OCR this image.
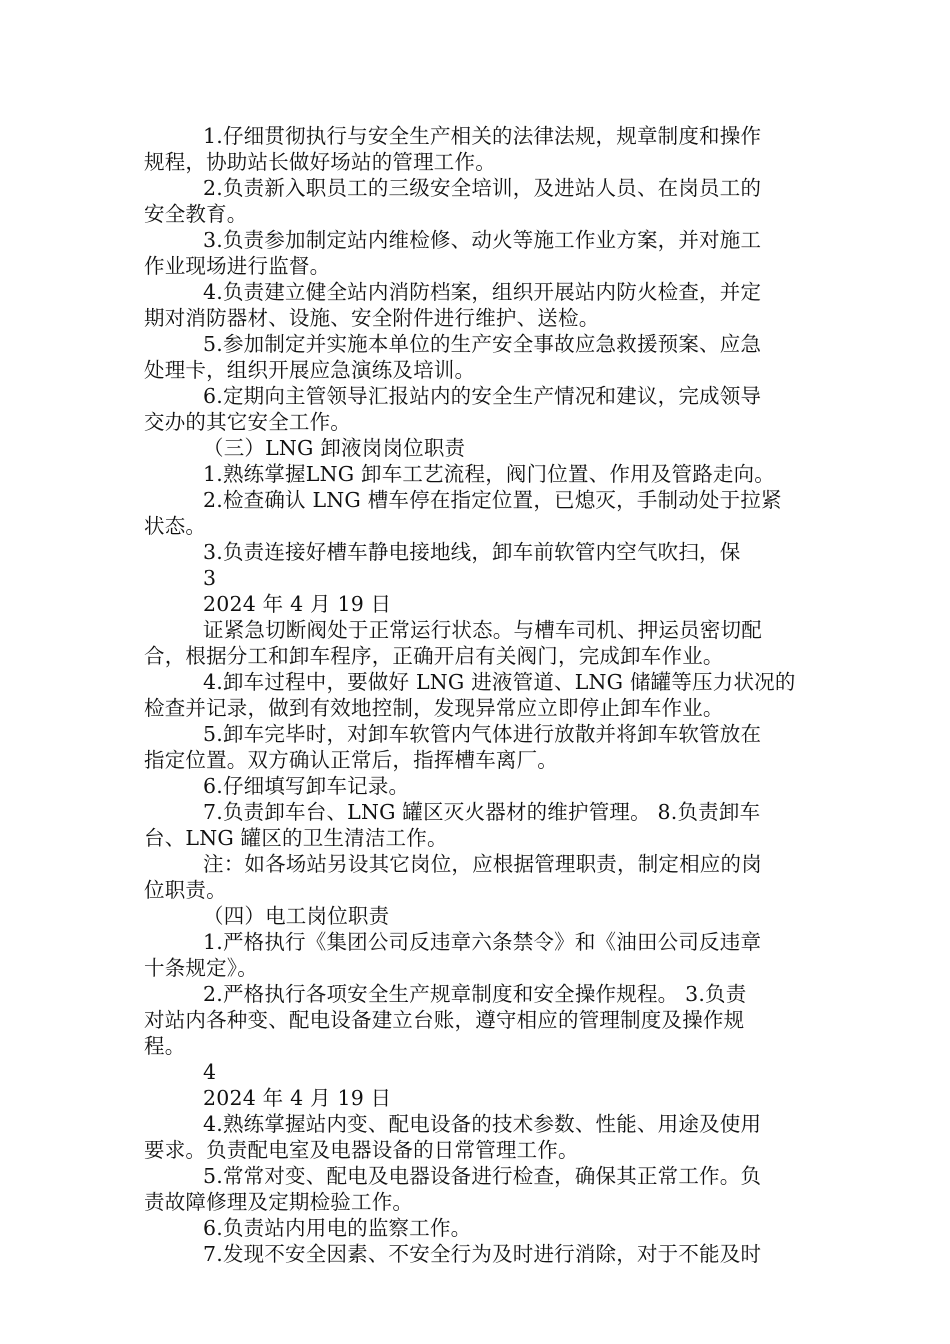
1.仔细贯彻执行与安全生产相关的法律法规，规章制度和操作
规程，协助站长做好场站的管理工作。
2.负责新入职员工的三级安全培训，及进站人员、在岗员工的
安全教育。
3.负责参加制定站内维检修、动火等施工作业方案，并对施工
作业现场进行监督。
4.负责建立健全站内消防档案，组织开展站内防火检查，并定
期对消防器材、设施、安全附件进行维护、送检。
5.参加制定并实施本单位的生产安全事故应急救援预案、应急
处理卡，组织开展应急演练及培训。
6.定期向主管领导汇报站内的安全生产情况和建议，完成领导
交办的其它安全工作。
（三）LNG 卸液岗岗位职责
1.熟练掌握LNG 卸车工艺流程，阀门位置、作用及管路走向。
2.检查确认 LNG 槽车停在指定位置，已熄灭，手制动处于拉紧
状态。
3.负责连接好槽车静电接地线，卸车前软管内空气吹扫，保
3
2024 年 4 月 19 日
证紧急切断阀处于正常运行状态。与槽车司机、押运员密切配
合，根据分工和卸车程序，正确开启有关阀门，完成卸车作业。
4.卸车过程中，要做好 LNG 进液管道、LNG 储罐等压力状况的
检查并记录，做到有效地控制，发现异常应立即停止卸车作业。
5.卸车完毕时，对卸车软管内气体进行放散并将卸车软管放在
指定位置。双方确认正常后，指挥槽车离厂。
6.仔细填写卸车记录。
7.负责卸车台、LNG 罐区灭火器材的维护管理。 8.负责卸车
台、LNG 罐区的卫生清洁工作。
注：如各场站另设其它岗位，应根据管理职责，制定相应的岗
位职责。
（四）电工岗位职责
1.严格执行《集团公司反违章六条禁令》和《油田公司反违章
十条规定》。
2.严格执行各项安全生产规章制度和安全操作规程。 3.负责
对站内各种变、配电设备建立台账，遵守相应的管理制度及操作规
程。
4
2024 年 4 月 19 日
4.熟练掌握站内变、配电设备的技术参数、性能、用途及使用
要求。负责配电室及电器设备的日常管理工作。
5.常常对变、配电及电器设备进行检查，确保其正常工作。负
责故障修理及定期检验工作。
6.负责站内用电的监察工作。
7.发现不安全因素、不安全行为及时进行消除，对于不能及时
